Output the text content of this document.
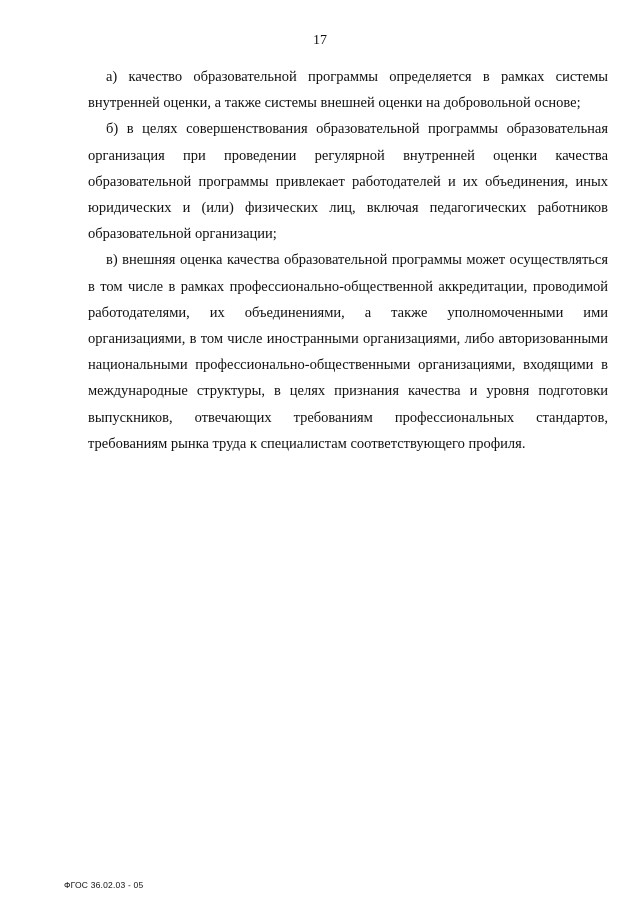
17

а) качество образовательной программы определяется в рамках системы внутренней оценки, а также системы внешней оценки на добровольной основе;

б) в целях совершенствования образовательной программы образовательная организация при проведении регулярной внутренней оценки качества образовательной программы привлекает работодателей и их объединения, иных юридических и (или) физических лиц, включая педагогических работников образовательной организации;

в) внешняя оценка качества образовательной программы может осуществляться в том числе в рамках профессионально-общественной аккредитации, проводимой работодателями, их объединениями, а также уполномоченными ими организациями, в том числе иностранными организациями, либо авторизованными национальными профессионально-общественными организациями, входящими в международные структуры, в целях признания качества и уровня подготовки выпускников, отвечающих требованиям профессиональных стандартов, требованиям рынка труда к специалистам соответствующего профиля.

ФГОС 36.02.03 - 05
